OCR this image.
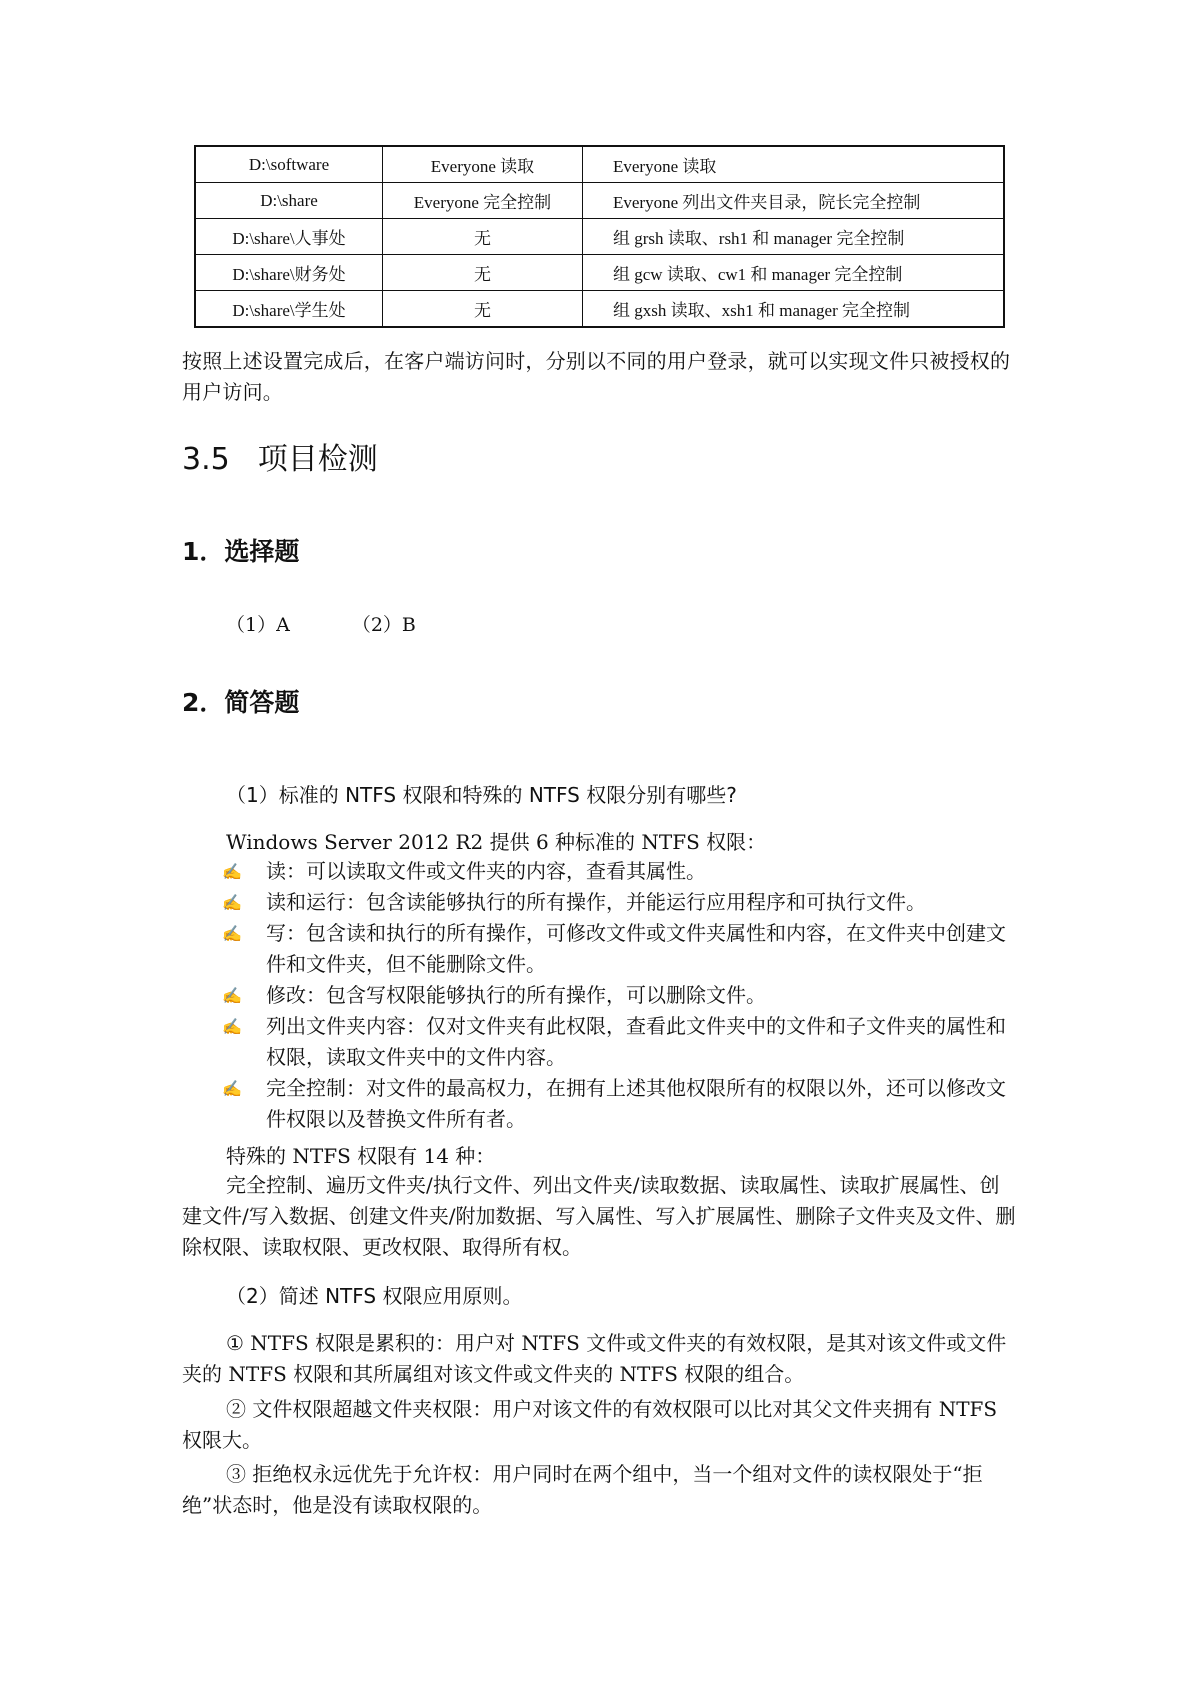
D:\software	Everyone 读取	Everyone 读取
D:\share	Everyone 完全控制	Everyone 列出文件夹目录，院长完全控制
D:\share\人事处	无	组 grsh 读取、rsh1 和 manager 完全控制
D:\share\财务处	无	组 gcw 读取、cw1 和 manager 完全控制
D:\share\学生处	无	组 gxsh 读取、xsh1 和 manager 完全控制
按照上述设置完成后，在客户端访问时，分别以不同的用户登录，就可以实现文件只被授权的用户访问。
3.5 项目检测
1．选择题
（1）A	（2）B
2．简答题
（1）标准的 NTFS 权限和特殊的 NTFS 权限分别有哪些?
Windows Server 2012 R2 提供 6 种标准的 NTFS 权限：
✍ 读：可以读取文件或文件夹的内容，查看其属性。
✍ 读和运行：包含读能够执行的所有操作，并能运行应用程序和可执行文件。
✍ 写：包含读和执行的所有操作，可修改文件或文件夹属性和内容，在文件夹中创建文件和文件夹，但不能删除文件。
✍ 修改：包含写权限能够执行的所有操作，可以删除文件。
✍ 列出文件夹内容：仅对文件夹有此权限，查看此文件夹中的文件和子文件夹的属性和权限，读取文件夹中的文件内容。
✍ 完全控制：对文件的最高权力，在拥有上述其他权限所有的权限以外，还可以修改文件权限以及替换文件所有者。
特殊的 NTFS 权限有 14 种：
完全控制、遍历文件夹/执行文件、列出文件夹/读取数据、读取属性、读取扩展属性、创建文件/写入数据、创建文件夹/附加数据、写入属性、写入扩展属性、删除子文件夹及文件、删除权限、读取权限、更改权限、取得所有权。
（2）简述 NTFS 权限应用原则。
① NTFS 权限是累积的：用户对 NTFS 文件或文件夹的有效权限，是其对该文件或文件夹的 NTFS 权限和其所属组对该文件或文件夹的 NTFS 权限的组合。
② 文件权限超越文件夹权限：用户对该文件的有效权限可以比对其父文件夹拥有 NTFS 权限大。
③ 拒绝权永远优先于允许权：用户同时在两个组中，当一个组对文件的读权限处于“拒绝”状态时，他是没有读取权限的。
